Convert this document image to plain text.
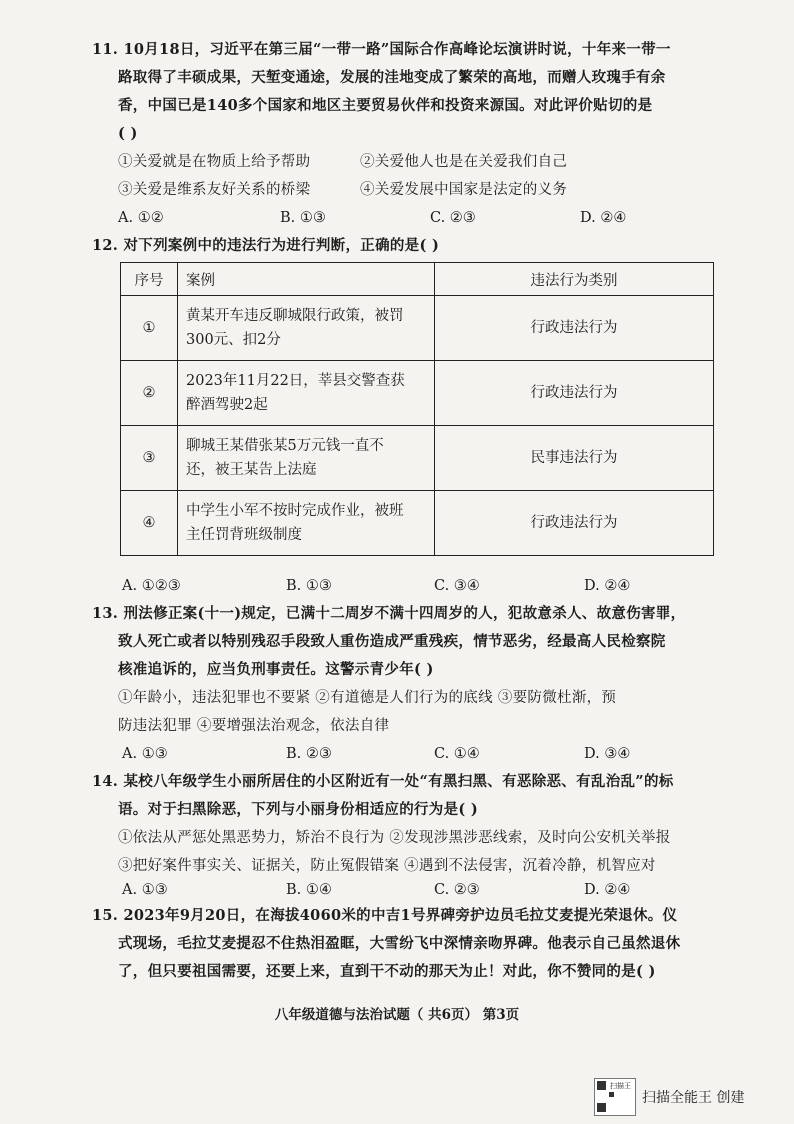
11. 10月18日，习近平在第三届“一带一路”国际合作高峰论坛演讲时说，十年来一带一
路取得了丰硕成果，天堑变通途，发展的洼地变成了繁荣的高地，而赠人玫瑰手有余
香，中国已是140多个国家和地区主要贸易伙伴和投资来源国。对此评价贴切的是
( )
①关爱就是在物质上给予帮助	②关爱他人也是在关爱我们自己
③关爱是维系友好关系的桥梁	④关爱发展中国家是法定的义务
A. ①②	B. ①③	C. ②③	D. ②④
12. 对下列案例中的违法行为进行判断，正确的是( )
序号	案例	违法行为类别
①	黄某开车违反聊城限行政策，被罚
300元、扣2分	行政违法行为
②	2023年11月22日，莘县交警查获
醉酒驾驶2起	行政违法行为
③	聊城王某借张某5万元钱一直不
还，被王某告上法庭	民事违法行为
④	中学生小军不按时完成作业，被班
主任罚背班级制度	行政违法行为
A. ①②③	B. ①③	C. ③④	D. ②④
13. 刑法修正案(十一)规定，已满十二周岁不满十四周岁的人，犯故意杀人、故意伤害罪，
致人死亡或者以特别残忍手段致人重伤造成严重残疾，情节恶劣，经最高人民检察院
核准追诉的，应当负刑事责任。这警示青少年( )
①年龄小，违法犯罪也不要紧 ②有道德是人们行为的底线 ③要防微杜渐，预
防违法犯罪 ④要增强法治观念，依法自律
A. ①③	B. ②③	C. ①④	D. ③④
14. 某校八年级学生小丽所居住的小区附近有一处“有黑扫黑、有恶除恶、有乱治乱”的标
语。对于扫黑除恶，下列与小丽身份相适应的行为是( )
①依法从严惩处黑恶势力，矫治不良行为 ②发现涉黑涉恶线索，及时向公安机关举报
③把好案件事实关、证据关，防止冤假错案 ④遇到不法侵害，沉着冷静，机智应对
A. ①③	B. ①④	C. ②③	D. ②④
15. 2023年9月20日，在海拔4060米的中吉1号界碑旁护边员毛拉艾麦提光荣退休。仪
式现场，毛拉艾麦提忍不住热泪盈眶，大雪纷飞中深情亲吻界碑。他表示自己虽然退休
了，但只要祖国需要，还要上来，直到干不动的那天为止！对此，你不赞同的是( )
八年级道德与法治试题（ 共6页） 第3页
扫描王
扫描全能王 创建
